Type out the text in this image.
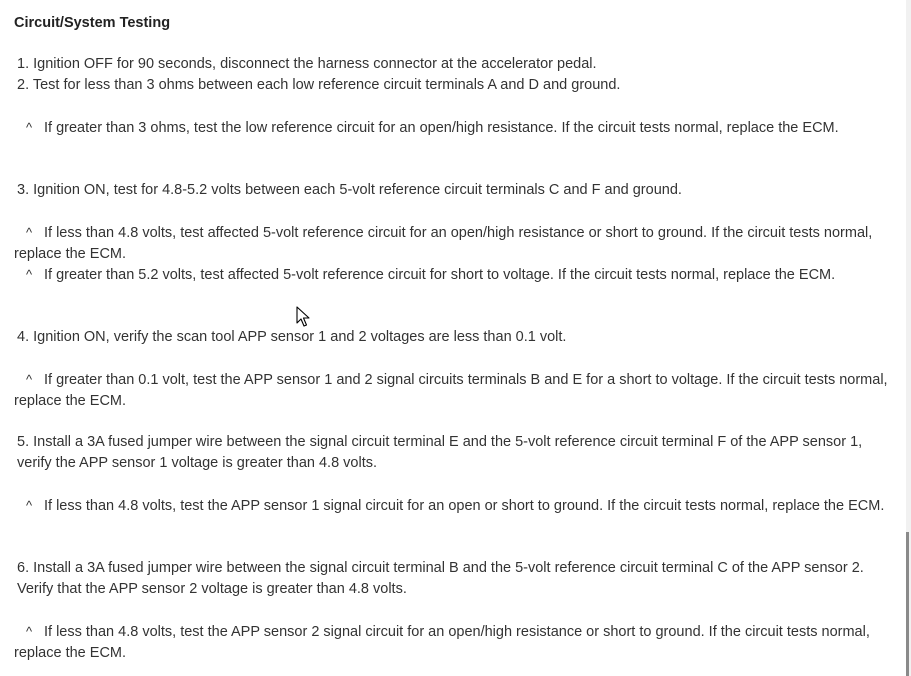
Circuit/System Testing
1. Ignition OFF for 90 seconds, disconnect the harness connector at the accelerator pedal.
2. Test for less than 3 ohms between each low reference circuit terminals A and D and ground.
^ If greater than 3 ohms, test the low reference circuit for an open/high resistance. If the circuit tests normal, replace the ECM.
3. Ignition ON, test for 4.8-5.2 volts between each 5-volt reference circuit terminals C and F and ground.
^ If less than 4.8 volts, test affected 5-volt reference circuit for an open/high resistance or short to ground. If the circuit tests normal, replace the ECM.
^ If greater than 5.2 volts, test affected 5-volt reference circuit for short to voltage. If the circuit tests normal, replace the ECM.
4. Ignition ON, verify the scan tool APP sensor 1 and 2 voltages are less than 0.1 volt.
^ If greater than 0.1 volt, test the APP sensor 1 and 2 signal circuits terminals B and E for a short to voltage. If the circuit tests normal, replace the ECM.
5. Install a 3A fused jumper wire between the signal circuit terminal E and the 5-volt reference circuit terminal F of the APP sensor 1, verify the APP sensor 1 voltage is greater than 4.8 volts.
^ If less than 4.8 volts, test the APP sensor 1 signal circuit for an open or short to ground. If the circuit tests normal, replace the ECM.
6. Install a 3A fused jumper wire between the signal circuit terminal B and the 5-volt reference circuit terminal C of the APP sensor 2. Verify that the APP sensor 2 voltage is greater than 4.8 volts.
^ If less than 4.8 volts, test the APP sensor 2 signal circuit for an open/high resistance or short to ground. If the circuit tests normal, replace the ECM.
